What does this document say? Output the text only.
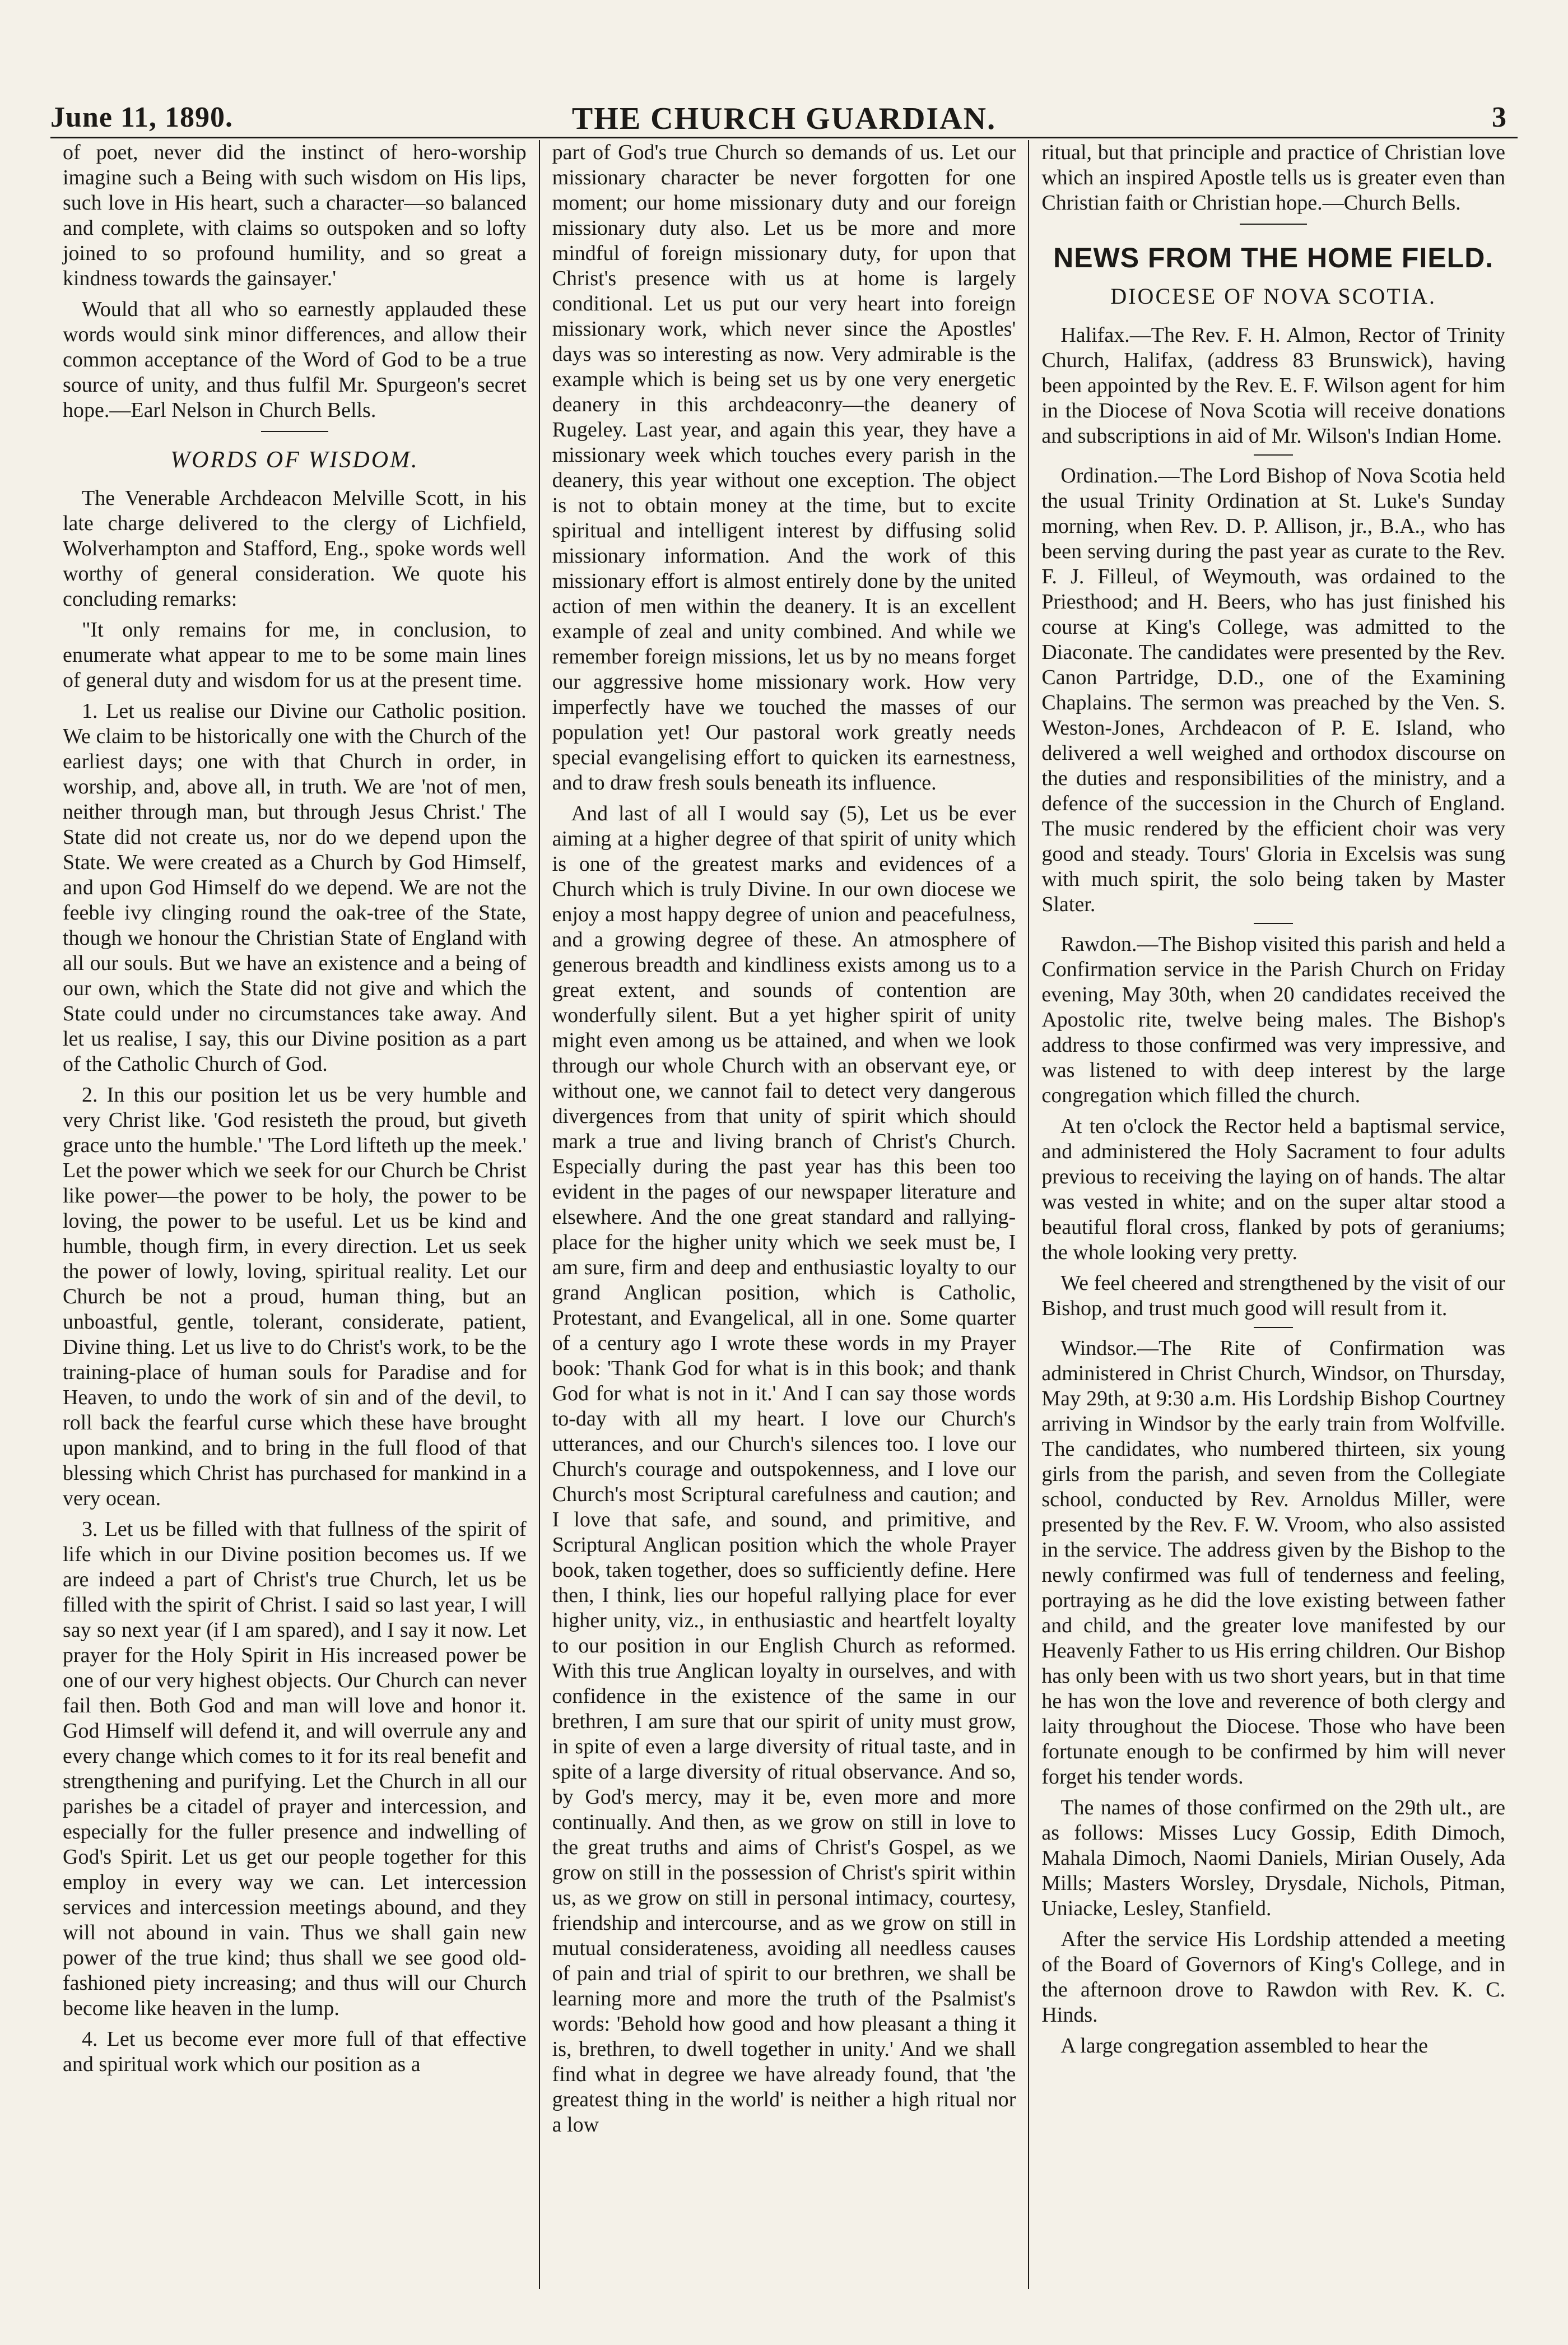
June 11, 1890.	THE CHURCH GUARDIAN.	3

of poet, never did the instinct of hero-worship imagine such a Being with such wisdom on His lips, such love in His heart, such a character—so balanced and complete, with claims so outspoken and so lofty joined to so profound humility, and so great a kindness towards the gainsayer.'

Would that all who so earnestly applauded these words would sink minor differences, and allow their common acceptance of the Word of God to be a true source of unity, and thus fulfil Mr. Spurgeon's secret hope.—Earl Nelson in Church Bells.

WORDS OF WISDOM.

The Venerable Archdeacon Melville Scott, in his late charge delivered to the clergy of Lichfield, Wolverhampton and Stafford, Eng., spoke words well worthy of general consideration. We quote his concluding remarks:

"It only remains for me, in conclusion, to enumerate what appear to me to be some main lines of general duty and wisdom for us at the present time.

1. Let us realise our Divine our Catholic position. We claim to be historically one with the Church of the earliest days; one with that Church in order, in worship, and, above all, in truth. We are 'not of men, neither through man, but through Jesus Christ.' The State did not create us, nor do we depend upon the State. We were created as a Church by God Himself, and upon God Himself do we depend. We are not the feeble ivy clinging round the oak-tree of the State, though we honour the Christian State of England with all our souls. But we have an existence and a being of our own, which the State did not give and which the State could under no circumstances take away. And let us realise, I say, this our Divine position as a part of the Catholic Church of God.

2. In this our position let us be very humble and very Christ like. 'God resisteth the proud, but giveth grace unto the humble.' 'The Lord lifteth up the meek.' Let the power which we seek for our Church be Christ like power—the power to be holy, the power to be loving, the power to be useful. Let us be kind and humble, though firm, in every direction. Let us seek the power of lowly, loving, spiritual reality. Let our Church be not a proud, human thing, but an unboastful, gentle, tolerant, considerate, patient, Divine thing. Let us live to do Christ's work, to be the training-place of human souls for Paradise and for Heaven, to undo the work of sin and of the devil, to roll back the fearful curse which these have brought upon mankind, and to bring in the full flood of that blessing which Christ has purchased for mankind in a very ocean.

3. Let us be filled with that fullness of the spirit of life which in our Divine position becomes us. If we are indeed a part of Christ's true Church, let us be filled with the spirit of Christ. I said so last year, I will say so next year (if I am spared), and I say it now. Let prayer for the Holy Spirit in His increased power be one of our very highest objects. Our Church can never fail then. Both God and man will love and honor it. God Himself will defend it, and will overrule any and every change which comes to it for its real benefit and strengthening and purifying. Let the Church in all our parishes be a citadel of prayer and intercession, and especially for the fuller presence and indwelling of God's Spirit. Let us get our people together for this employ in every way we can. Let intercession services and intercession meetings abound, and they will not abound in vain. Thus we shall gain new power of the true kind; thus shall we see good old-fashioned piety increasing; and thus will our Church become like heaven in the lump.

4. Let us become ever more full of that effective and spiritual work which our position as a

part of God's true Church so demands of us. Let our missionary character be never forgotten for one moment; our home missionary duty and our foreign missionary duty also. Let us be more and more mindful of foreign missionary duty, for upon that Christ's presence with us at home is largely conditional. Let us put our very heart into foreign missionary work, which never since the Apostles' days was so interesting as now. Very admirable is the example which is being set us by one very energetic deanery in this archdeaconry—the deanery of Rugeley. Last year, and again this year, they have a missionary week which touches every parish in the deanery, this year without one exception. The object is not to obtain money at the time, but to excite spiritual and intelligent interest by diffusing solid missionary information. And the work of this missionary effort is almost entirely done by the united action of men within the deanery. It is an excellent example of zeal and unity combined. And while we remember foreign missions, let us by no means forget our aggressive home missionary work. How very imperfectly have we touched the masses of our population yet! Our pastoral work greatly needs special evangelising effort to quicken its earnestness, and to draw fresh souls beneath its influence.

And last of all I would say (5), Let us be ever aiming at a higher degree of that spirit of unity which is one of the greatest marks and evidences of a Church which is truly Divine. In our own diocese we enjoy a most happy degree of union and peacefulness, and a growing degree of these. An atmosphere of generous breadth and kindliness exists among us to a great extent, and sounds of contention are wonderfully silent. But a yet higher spirit of unity might even among us be attained, and when we look through our whole Church with an observant eye, or without one, we cannot fail to detect very dangerous divergences from that unity of spirit which should mark a true and living branch of Christ's Church. Especially during the past year has this been too evident in the pages of our newspaper literature and elsewhere. And the one great standard and rallying-place for the higher unity which we seek must be, I am sure, firm and deep and enthusiastic loyalty to our grand Anglican position, which is Catholic, Protestant, and Evangelical, all in one. Some quarter of a century ago I wrote these words in my Prayer book: 'Thank God for what is in this book; and thank God for what is not in it.' And I can say those words to-day with all my heart. I love our Church's utterances, and our Church's silences too. I love our Church's courage and outspokenness, and I love our Church's most Scriptural carefulness and caution; and I love that safe, and sound, and primitive, and Scriptural Anglican position which the whole Prayer book, taken together, does so sufficiently define. Here then, I think, lies our hopeful rallying place for ever higher unity, viz., in enthusiastic and heartfelt loyalty to our position in our English Church as reformed. With this true Anglican loyalty in ourselves, and with confidence in the existence of the same in our brethren, I am sure that our spirit of unity must grow, in spite of even a large diversity of ritual taste, and in spite of a large diversity of ritual observance. And so, by God's mercy, may it be, even more and more continually. And then, as we grow on still in love to the great truths and aims of Christ's Gospel, as we grow on still in the possession of Christ's spirit within us, as we grow on still in personal intimacy, courtesy, friendship and intercourse, and as we grow on still in mutual considerateness, avoiding all needless causes of pain and trial of spirit to our brethren, we shall be learning more and more the truth of the Psalmist's words: 'Behold how good and how pleasant a thing it is, brethren, to dwell together in unity.' And we shall find what in degree we have already found, that 'the greatest thing in the world' is neither a high ritual nor a low

ritual, but that principle and practice of Christian love which an inspired Apostle tells us is greater even than Christian faith or Christian hope.—Church Bells.

NEWS FROM THE HOME FIELD.
DIOCESE OF NOVA SCOTIA.

Halifax.—The Rev. F. H. Almon, Rector of Trinity Church, Halifax, (address 83 Brunswick), having been appointed by the Rev. E. F. Wilson agent for him in the Diocese of Nova Scotia will receive donations and subscriptions in aid of Mr. Wilson's Indian Home.

Ordination.—The Lord Bishop of Nova Scotia held the usual Trinity Ordination at St. Luke's Sunday morning, when Rev. D. P. Allison, jr., B.A., who has been serving during the past year as curate to the Rev. F. J. Filleul, of Weymouth, was ordained to the Priesthood; and H. Beers, who has just finished his course at King's College, was admitted to the Diaconate. The candidates were presented by the Rev. Canon Partridge, D.D., one of the Examining Chaplains. The sermon was preached by the Ven. S. Weston-Jones, Archdeacon of P. E. Island, who delivered a well weighed and orthodox discourse on the duties and responsibilities of the ministry, and a defence of the succession in the Church of England. The music rendered by the efficient choir was very good and steady. Tours' Gloria in Excelsis was sung with much spirit, the solo being taken by Master Slater.

Rawdon.—The Bishop visited this parish and held a Confirmation service in the Parish Church on Friday evening, May 30th, when 20 candidates received the Apostolic rite, twelve being males. The Bishop's address to those confirmed was very impressive, and was listened to with deep interest by the large congregation which filled the church.

At ten o'clock the Rector held a baptismal service, and administered the Holy Sacrament to four adults previous to receiving the laying on of hands. The altar was vested in white; and on the super altar stood a beautiful floral cross, flanked by pots of geraniums; the whole looking very pretty.

We feel cheered and strengthened by the visit of our Bishop, and trust much good will result from it.

Windsor.—The Rite of Confirmation was administered in Christ Church, Windsor, on Thursday, May 29th, at 9:30 a.m. His Lordship Bishop Courtney arriving in Windsor by the early train from Wolfville. The candidates, who numbered thirteen, six young girls from the parish, and seven from the Collegiate school, conducted by Rev. Arnoldus Miller, were presented by the Rev. F. W. Vroom, who also assisted in the service. The address given by the Bishop to the newly confirmed was full of tenderness and feeling, portraying as he did the love existing between father and child, and the greater love manifested by our Heavenly Father to us His erring children. Our Bishop has only been with us two short years, but in that time he has won the love and reverence of both clergy and laity throughout the Diocese. Those who have been fortunate enough to be confirmed by him will never forget his tender words.

The names of those confirmed on the 29th ult., are as follows: Misses Lucy Gossip, Edith Dimoch, Mahala Dimoch, Naomi Daniels, Mirian Ousely, Ada Mills; Masters Worsley, Drysdale, Nichols, Pitman, Uniacke, Lesley, Stanfield.

After the service His Lordship attended a meeting of the Board of Governors of King's College, and in the afternoon drove to Rawdon with Rev. K. C. Hinds.

A large congregation assembled to hear the
